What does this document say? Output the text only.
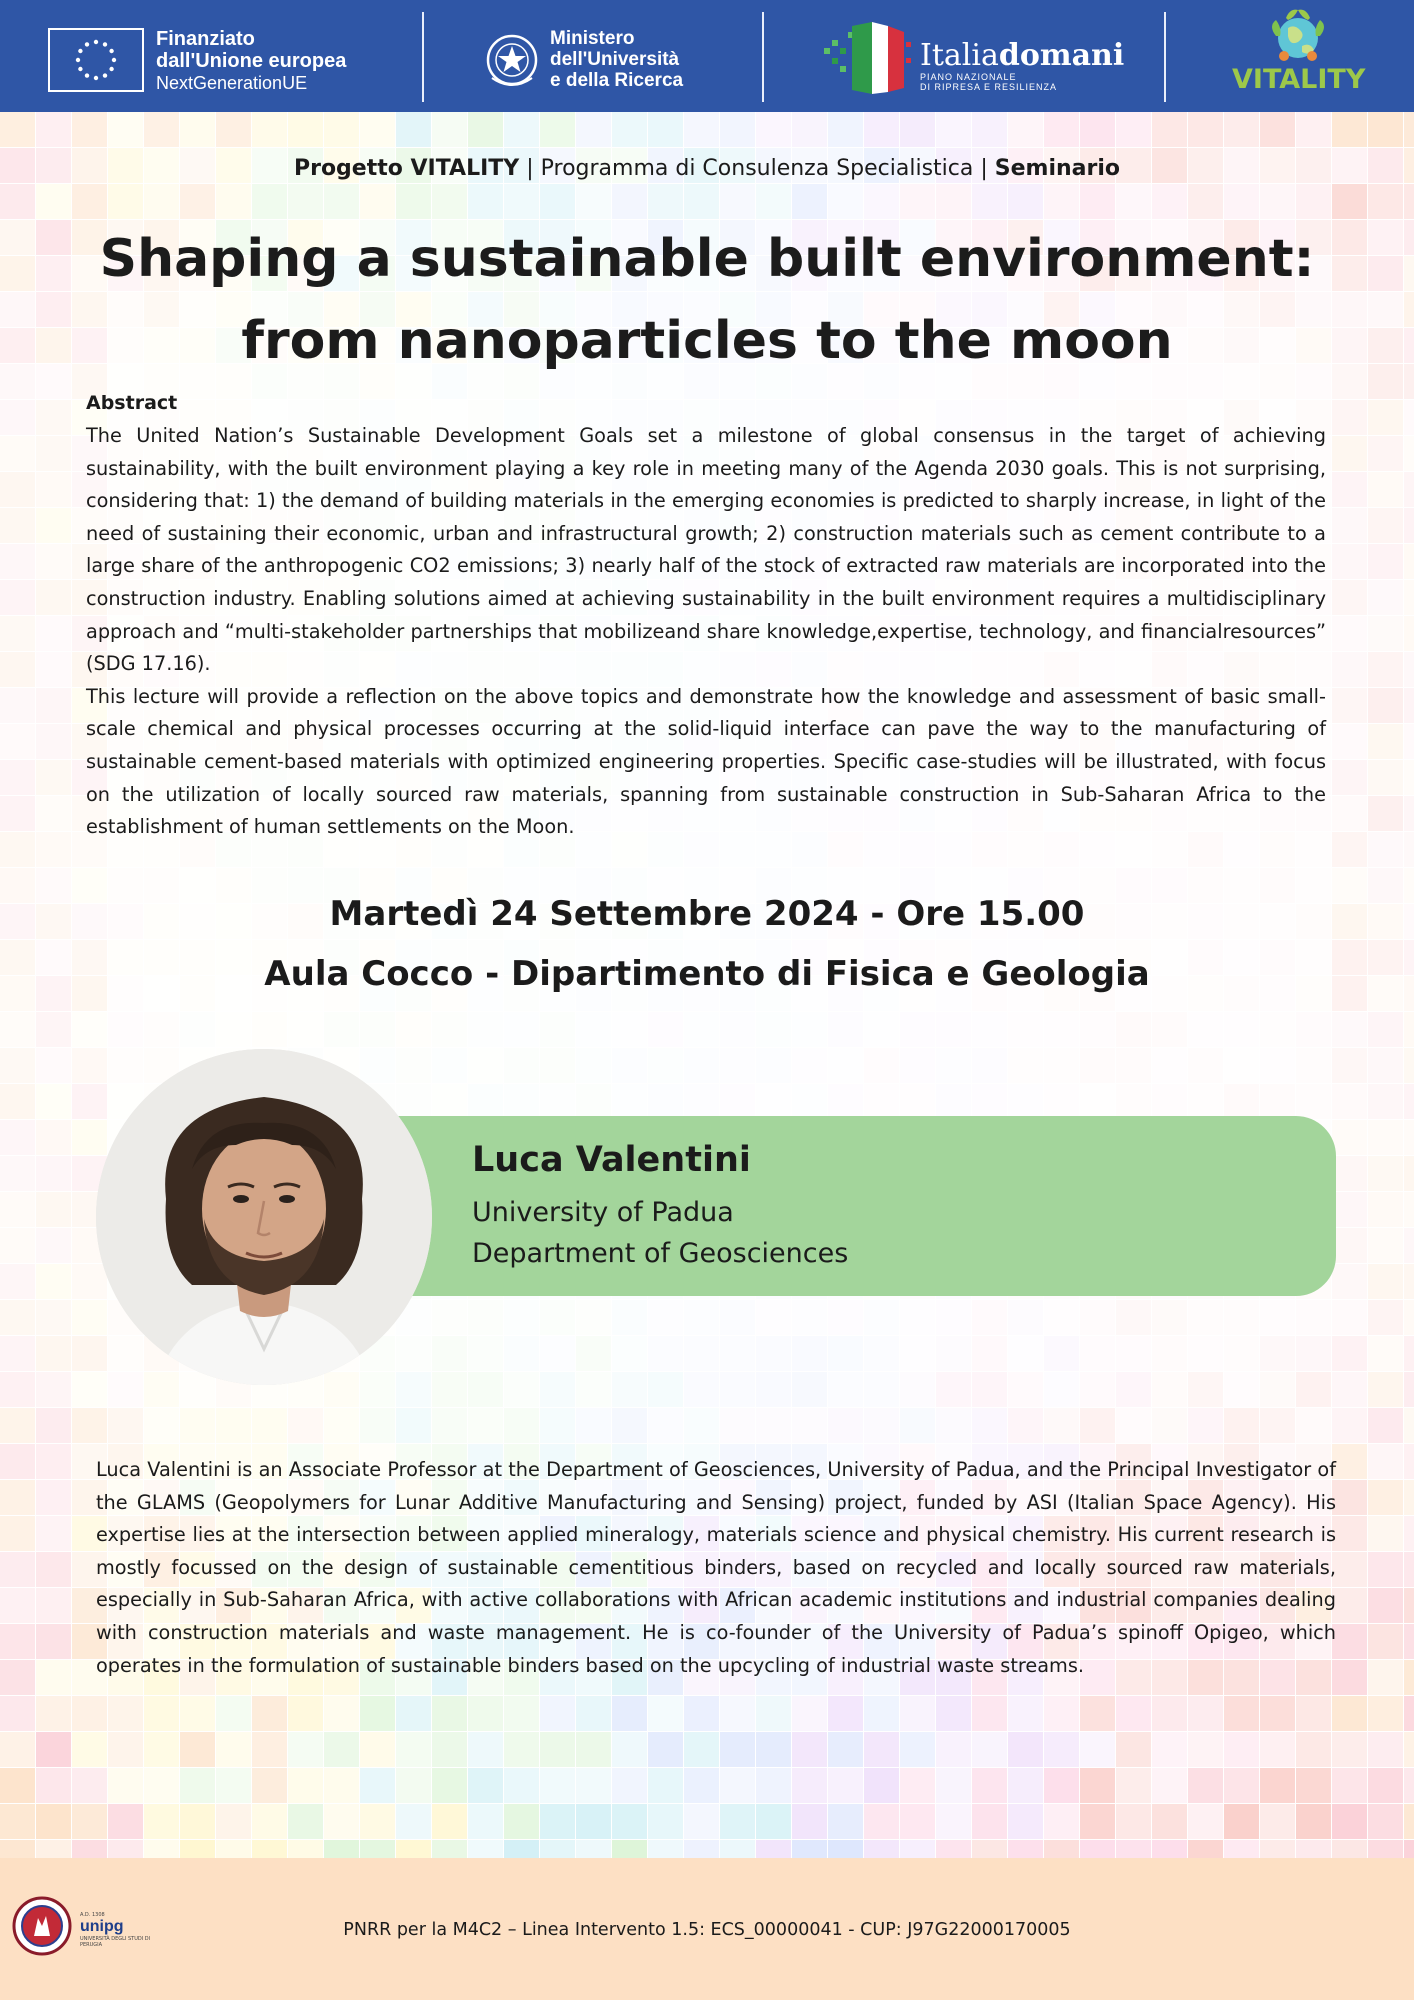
Finanziato
dall'Unione europea
NextGenerationUE
Ministero
dell'Università
e della Ricerca
Italiadomani
PIANO NAZIONALE
DI RIPRESA E RESILIENZA	VITALITY
Progetto VITALITY | Programma di Consulenza Specialistica | Seminario
Shaping a sustainable built environment:
from nanoparticles to the moon
Abstract

The United Nation’s Sustainable Development Goals set a milestone of global consensus in the target of achieving sustainability, with the built environment playing a key role in meeting many of the Agenda 2030 goals. This is not surprising, considering that: 1) the demand of building materials in the emerging economies is predicted to sharply increase, in light of the need of sustaining their economic, urban and infrastructural growth; 2) construction materials such as cement contribute to a large share of the anthropogenic CO2 emissions; 3) nearly half of the stock of extracted raw materials are incorporated into the construction industry. Enabling solutions aimed at achieving sustainability in the built environment requires a multidisciplinary approach and “multi-stakeholder partnerships that mobilizeand share knowledge,expertise, technology, and financialresources” (SDG 17.16).

This lecture will provide a reflection on the above topics and demonstrate how the knowledge and assessment of basic small-scale chemical and physical processes occurring at the solid-liquid interface can pave the way to the manufacturing of sustainable cement-based materials with optimized engineering properties. Specific case-studies will be illustrated, with focus on the utilization of locally sourced raw materials, spanning from sustainable construction in Sub-Saharan Africa to the establishment of human settlements on the Moon.

Martedì 24 Settembre 2024 - Ore 15.00
Aula Cocco - Dipartimento di Fisica e Geologia
Luca Valentini
University of Padua
Department of Geosciences
Luca Valentini is an Associate Professor at the Department of Geosciences, University of Padua, and the Principal Investigator of the GLAMS (Geopolymers for Lunar Additive Manufacturing and Sensing) project, funded by ASI (Italian Space Agency). His expertise lies at the intersection between applied mineralogy, materials science and physical chemistry. His current research is mostly focussed on the design of sustainable cementitious binders, based on recycled and locally sourced raw materials, especially in Sub-Saharan Africa, with active collaborations with African academic institutions and industrial companies dealing with construction materials and waste management. He is co-founder of the University of Padua’s spinoff Opigeo, which operates in the formulation of sustainable binders based on the upcycling of industrial waste streams.
A.D. 1308
unipg
UNIVERSITÀ DEGLI STUDI DI PERUGIA
PNRR per la M4C2 – Linea Intervento 1.5: ECS_00000041 - CUP: J97G22000170005
